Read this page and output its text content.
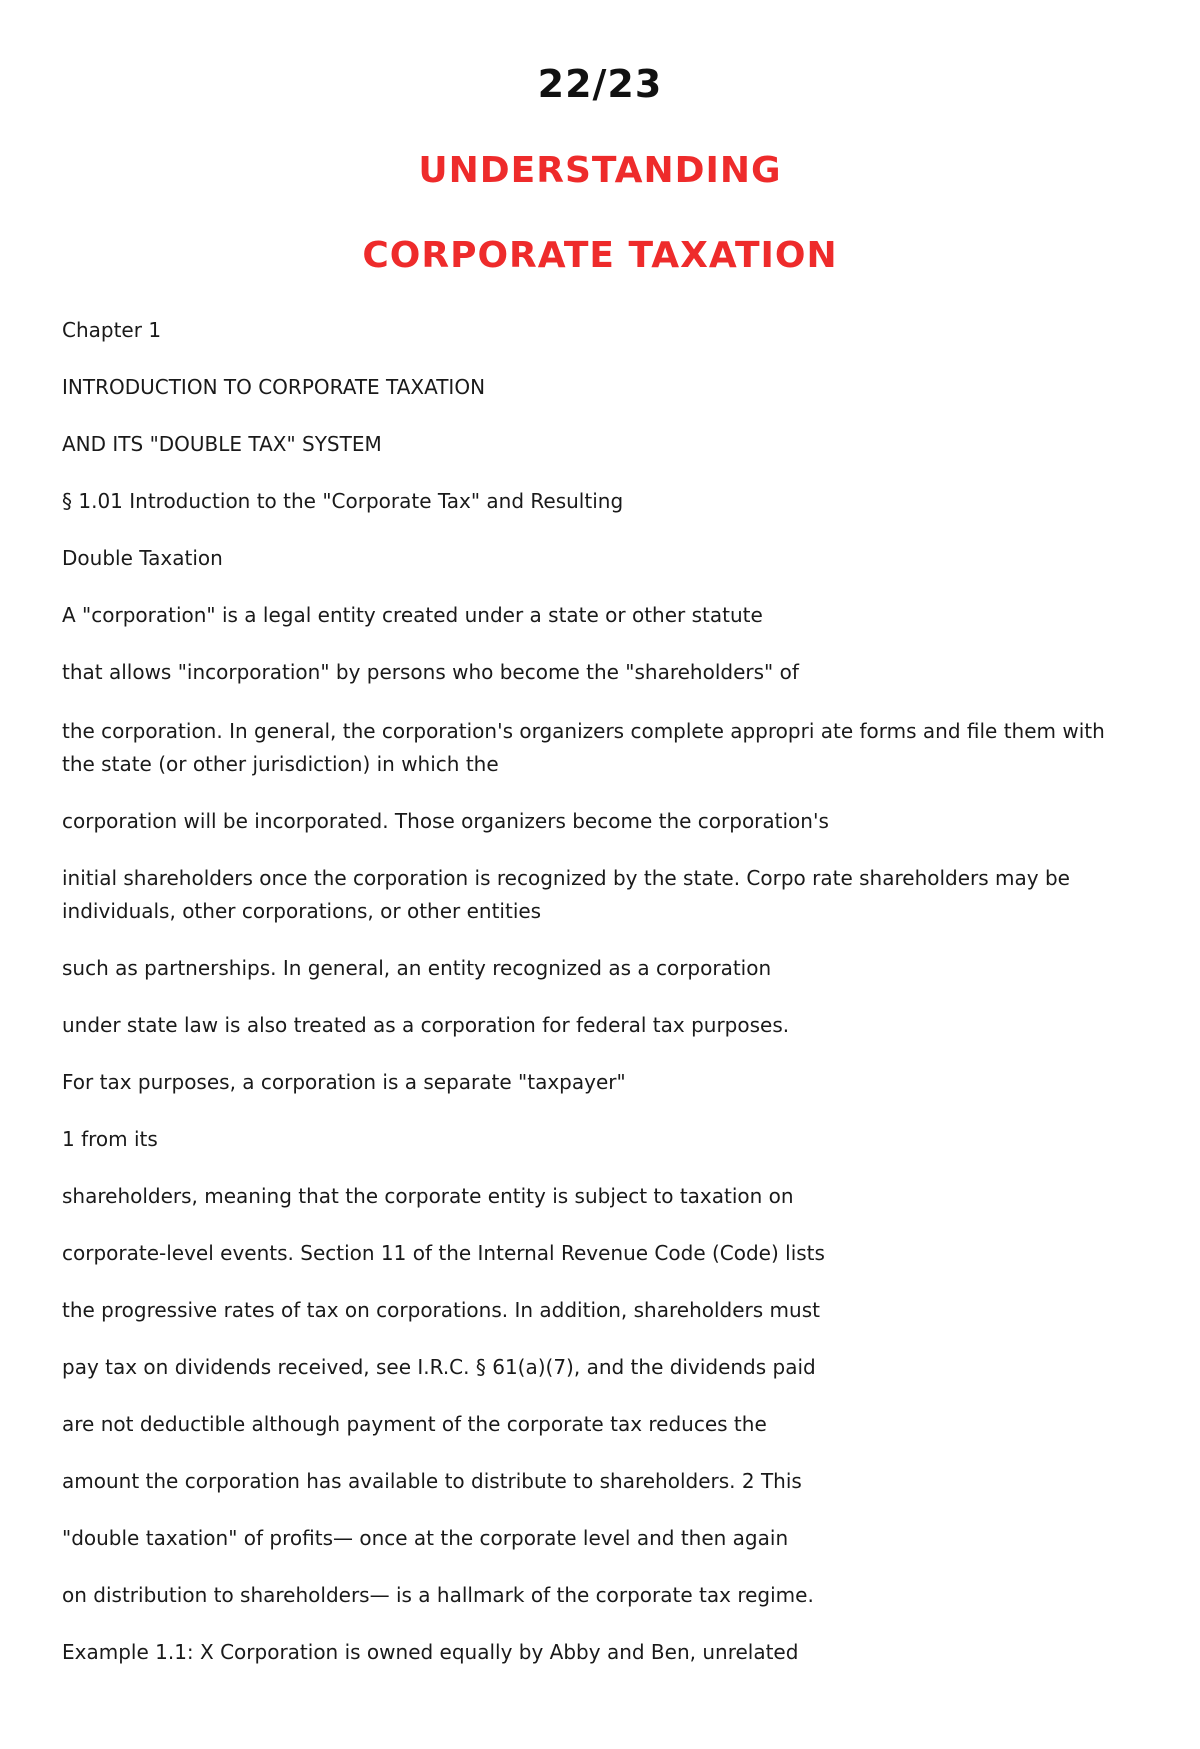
22/23
UNDERSTANDING
CORPORATE TAXATION

Chapter 1

INTRODUCTION TO CORPORATE TAXATION

AND ITS "DOUBLE TAX" SYSTEM

§ 1.01 Introduction to the "Corporate Tax" and Resulting

Double Taxation

A "corporation" is a legal entity created under a state or other statute

that allows "incorporation" by persons who become the "shareholders" of

the corporation. In general, the corporation's organizers complete appropri ate forms and file them with the state (or other jurisdiction) in which the

corporation will be incorporated. Those organizers become the corporation's

initial shareholders once the corporation is recognized by the state. Corpo rate shareholders may be individuals, other corporations, or other entities

such as partnerships. In general, an entity recognized as a corporation

under state law is also treated as a corporation for federal tax purposes.

For tax purposes, a corporation is a separate "taxpayer"

1 from its

shareholders, meaning that the corporate entity is subject to taxation on

corporate-level events. Section 11 of the Internal Revenue Code (Code) lists

the progressive rates of tax on corporations. In addition, shareholders must

pay tax on dividends received, see I.R.C. § 61(a)(7), and the dividends paid

are not deductible although payment of the corporate tax reduces the

amount the corporation has available to distribute to shareholders. 2 This

"double taxation" of profits— once at the corporate level and then again

on distribution to shareholders— is a hallmark of the corporate tax regime.

Example 1.1: X Corporation is owned equally by Abby and Ben, unrelated
